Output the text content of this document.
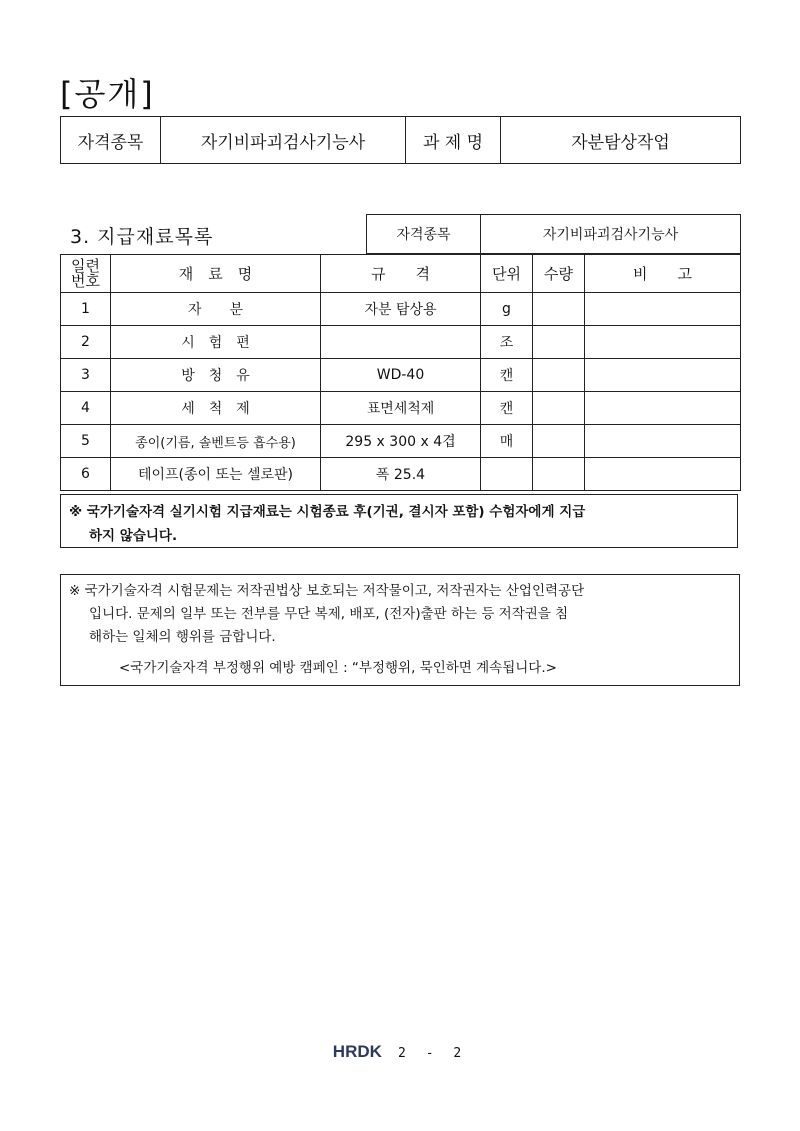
[공개]
자격종목	자기비파괴검사기능사	과 제 명	자분탐상작업
3. 지급재료목록	자격종목	자기비파괴검사기능사
일련
번호	재　료　명	규　　격	단위	수량	비　　고
1	자　　분	자분 탐상용	g		
2	시　험　편		조		
3	방　청　유	WD-40	캔		
4	세　척　제	표면세척제	캔		
5	종이(기름, 솔벤트등 흡수용)	295 x 300 x 4겹	매		
6	테이프(종이 또는 셀로판)	폭 25.4			
※ 국가기술자격 실기시험 지급재료는 시험종료 후(기권, 결시자 포함) 수험자에게 지급
하지 않습니다.
※ 국가기술자격 시험문제는 저작권법상 보호되는 저작물이고, 저작권자는 산업인력공단
입니다. 문제의 일부 또는 전부를 무단 복제, 배포, (전자)출판 하는 등 저작권을 침
해하는 일체의 행위를 금합니다.
<국가기술자격 부정행위 예방 캠페인 : “부정행위, 묵인하면 계속됩니다.>
HRDK 2 - 2
